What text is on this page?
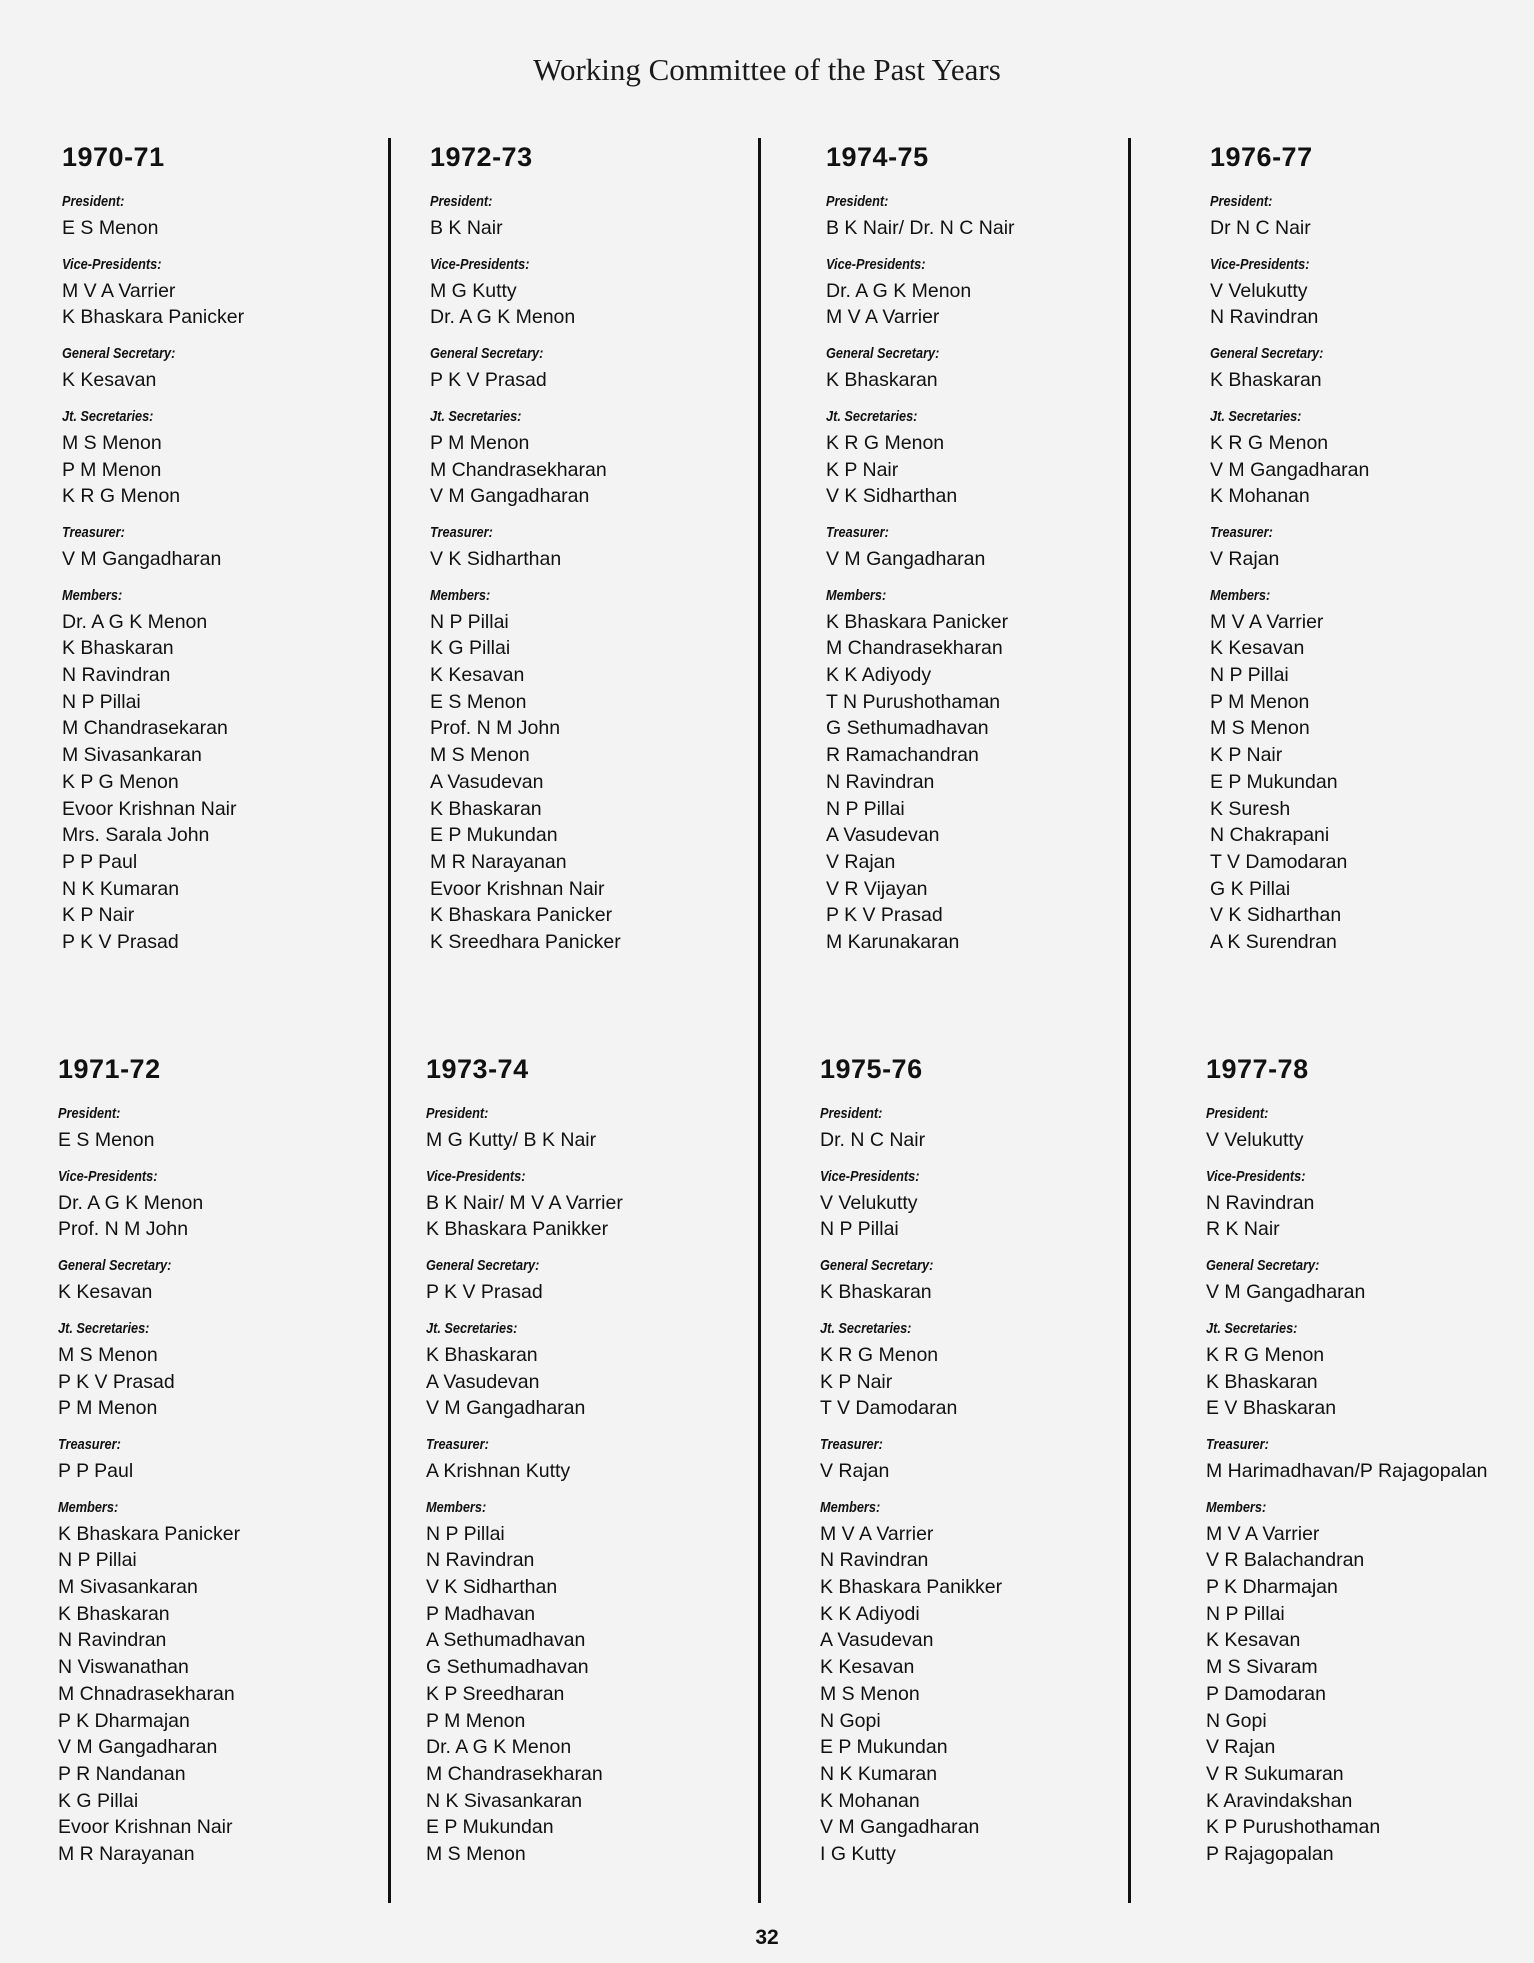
Working Committee of the Past Years
1970-71
President:
E S Menon
Vice-Presidents:
M V A Varrier
K Bhaskara Panicker
General Secretary:
K Kesavan
Jt. Secretaries:
M S Menon
P M Menon
K R G Menon
Treasurer:
V M Gangadharan
Members:
Dr. A G K Menon
K Bhaskaran
N Ravindran
N P Pillai
M Chandrasekaran
M Sivasankaran
K P G Menon
Evoor Krishnan Nair
Mrs. Sarala John
P P Paul
N K Kumaran
K P Nair
P K V Prasad
1972-73
President:
B K Nair
Vice-Presidents:
M G Kutty
Dr. A G K Menon
General Secretary:
P K V Prasad
Jt. Secretaries:
P M Menon
M Chandrasekharan
V M Gangadharan
Treasurer:
V K Sidharthan
Members:
N P Pillai
K G Pillai
K Kesavan
E S Menon
Prof. N M John
M S Menon
A Vasudevan
K Bhaskaran
E P Mukundan
M R Narayanan
Evoor Krishnan Nair
K Bhaskara Panicker
K Sreedhara Panicker
1974-75
President:
B K Nair/ Dr. N C Nair
Vice-Presidents:
Dr. A G K Menon
M V A Varrier
General Secretary:
K Bhaskaran
Jt. Secretaries:
K R G Menon
K P Nair
V K Sidharthan
Treasurer:
V M Gangadharan
Members:
K Bhaskara Panicker
M Chandrasekharan
K K Adiyody
T N Purushothaman
G Sethumadhavan
R Ramachandran
N Ravindran
N P Pillai
A Vasudevan
V Rajan
V R Vijayan
P K V Prasad
M Karunakaran
1976-77
President:
Dr N C Nair
Vice-Presidents:
V Velukutty
N Ravindran
General Secretary:
K Bhaskaran
Jt. Secretaries:
K R G Menon
V M Gangadharan
K Mohanan
Treasurer:
V Rajan
Members:
M V A Varrier
K Kesavan
N P Pillai
P M Menon
M S Menon
K P Nair
E P Mukundan
K Suresh
N Chakrapani
T V Damodaran
G K Pillai
V K Sidharthan
A K Surendran
1971-72
President:
E S Menon
Vice-Presidents:
Dr. A G K Menon
Prof. N M John
General Secretary:
K Kesavan
Jt. Secretaries:
M S Menon
P K V Prasad
P M Menon
Treasurer:
P P Paul
Members:
K Bhaskara Panicker
N P Pillai
M Sivasankaran
K Bhaskaran
N Ravindran
N Viswanathan
M Chnadrasekharan
P K Dharmajan
V M Gangadharan
P R Nandanan
K G Pillai
Evoor Krishnan Nair
M R Narayanan
1973-74
President:
M G Kutty/ B K Nair
Vice-Presidents:
B K Nair/ M V A Varrier
K Bhaskara Panikker
General Secretary:
P K V Prasad
Jt. Secretaries:
K Bhaskaran
A Vasudevan
V M Gangadharan
Treasurer:
A Krishnan Kutty
Members:
N P Pillai
N Ravindran
V K Sidharthan
P Madhavan
A Sethumadhavan
G Sethumadhavan
K P Sreedharan
P M Menon
Dr. A G K Menon
M Chandrasekharan
N K Sivasankaran
E P Mukundan
M S Menon
1975-76
President:
Dr. N C Nair
Vice-Presidents:
V Velukutty
N P Pillai
General Secretary:
K Bhaskaran
Jt. Secretaries:
K R G Menon
K P Nair
T V Damodaran
Treasurer:
V Rajan
Members:
M V A Varrier
N Ravindran
K Bhaskara Panikker
K K Adiyodi
A Vasudevan
K Kesavan
M S Menon
N Gopi
E P Mukundan
N K Kumaran
K Mohanan
V M Gangadharan
I G Kutty
1977-78
President:
V Velukutty
Vice-Presidents:
N Ravindran
R K Nair
General Secretary:
V M Gangadharan
Jt. Secretaries:
K R G Menon
K Bhaskaran
E V Bhaskaran
Treasurer:
M Harimadhavan/P Rajagopalan
Members:
M V A Varrier
V R Balachandran
P K Dharmajan
N P Pillai
K Kesavan
M S Sivaram
P Damodaran
N Gopi
V Rajan
V R Sukumaran
K Aravindakshan
K P Purushothaman
P Rajagopalan
32
